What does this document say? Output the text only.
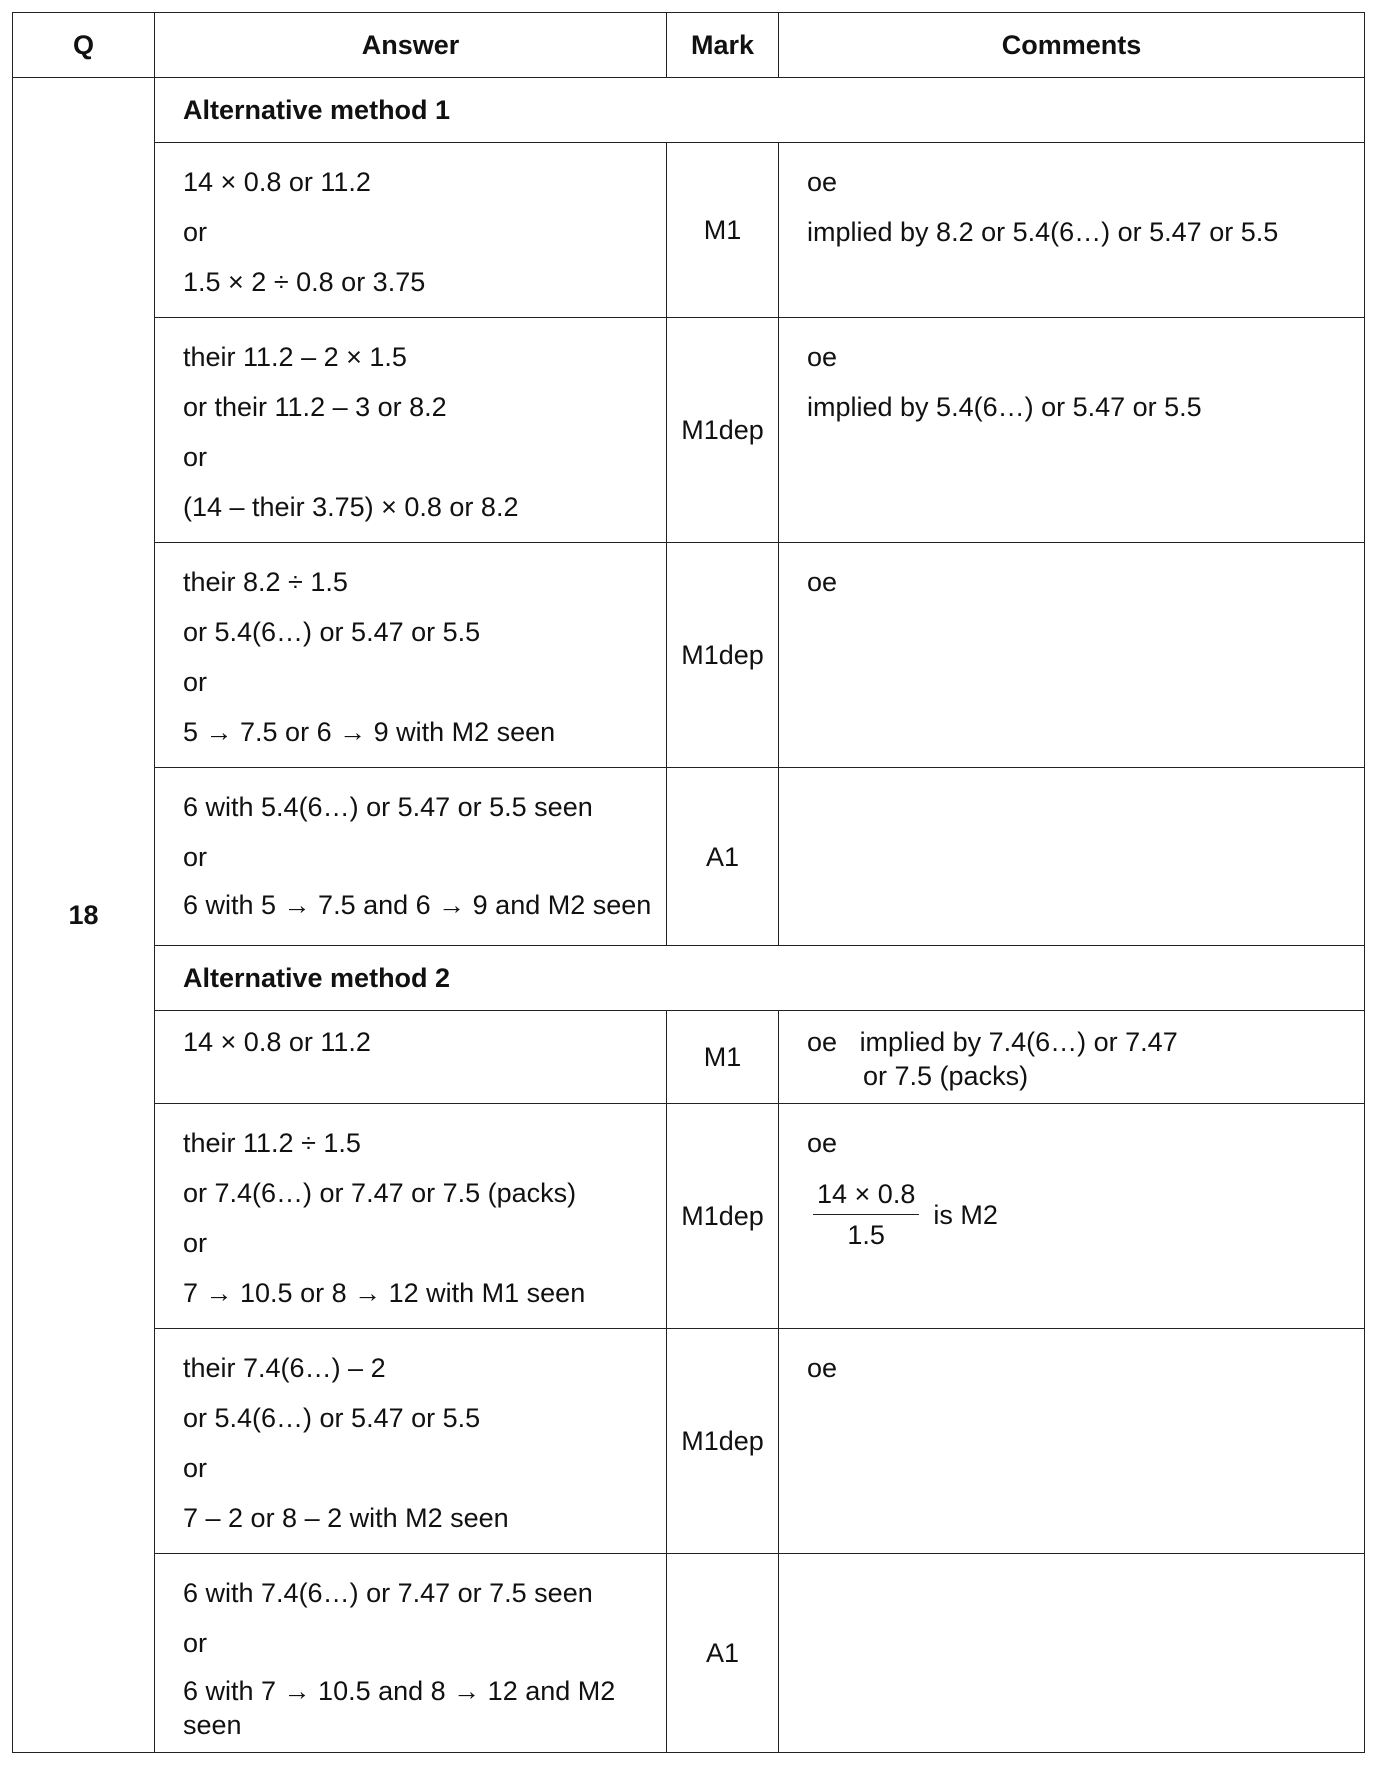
Q	Answer	Mark	Comments
18	Alternative method 1		

	14 × 0.8 or 11.2
or
1.5 × 2 ÷ 0.8 or 3.75	M1	oe
implied by 8.2 or 5.4(6…) or 5.47 or 5.5

	their 11.2 – 2 × 1.5
or their 11.2 – 3 or 8.2
or
(14 – their 3.75) × 0.8 or 8.2	M1dep	oe
implied by 5.4(6…) or 5.47 or 5.5

	their 8.2 ÷ 1.5
or 5.4(6…) or 5.47 or 5.5
or
5 → 7.5 or 6 → 9 with M2 seen	M1dep	oe

	6 with 5.4(6…) or 5.47 or 5.5 seen
or
6 with 5 → 7.5 and 6 → 9 and M2 seen	A1	
	Alternative method 2		

	14 × 0.8 or 11.2	M1	oe implied by 7.4(6…) or 7.47
or 7.5 (packs)

	their 11.2 ÷ 1.5
or 7.4(6…) or 7.47 or 7.5 (packs)
or
7 → 10.5 or 8 → 12 with M1 seen	M1dep	oe
$\frac{14 \times 0.8}{1.5}$ is M2

	their 7.4(6…) – 2
or 5.4(6…) or 5.47 or 5.5
or
7 – 2 or 8 – 2 with M2 seen	M1dep	oe

	6 with 7.4(6…) or 7.47 or 7.5 seen
or
6 with 7 → 10.5 and 8 → 12 and M2 seen	A1	
